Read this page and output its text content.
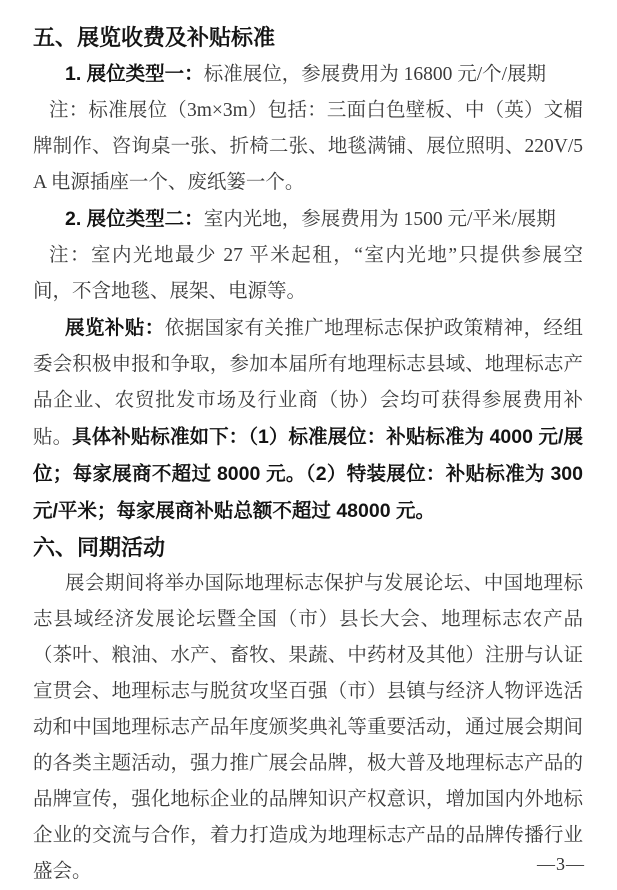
五、展览收费及补贴标准

1. 展位类型一：标准展位，参展费用为 16800 元/个/展期

注：标准展位（3m×3m）包括：三面白色壁板、中（英）文楣牌制作、咨询桌一张、折椅二张、地毯满铺、展位照明、220V/5A 电源插座一个、废纸篓一个。

2. 展位类型二：室内光地，参展费用为 1500 元/平米/展期

注：室内光地最少 27 平米起租，“室内光地”只提供参展空间，不含地毯、展架、电源等。

展览补贴：依据国家有关推广地理标志保护政策精神，经组委会积极申报和争取，参加本届所有地理标志县域、地理标志产品企业、农贸批发市场及行业商（协）会均可获得参展费用补贴。具体补贴标准如下：（1）标准展位：补贴标准为 4000 元/展位；每家展商不超过 8000 元。（2）特装展位：补贴标准为 300 元/平米；每家展商补贴总额不超过 48000 元。

六、同期活动

展会期间将举办国际地理标志保护与发展论坛、中国地理标志县域经济发展论坛暨全国（市）县长大会、地理标志农产品（茶叶、粮油、水产、畜牧、果蔬、中药材及其他）注册与认证宣贯会、地理标志与脱贫攻坚百强（市）县镇与经济人物评选活动和中国地理标志产品年度颁奖典礼等重要活动，通过展会期间的各类主题活动，强力推广展会品牌，极大普及地理标志产品的品牌宣传，强化地标企业的品牌知识产权意识，增加国内外地标企业的交流与合作，着力打造成为地理标志产品的品牌传播行业盛会。	—3—
